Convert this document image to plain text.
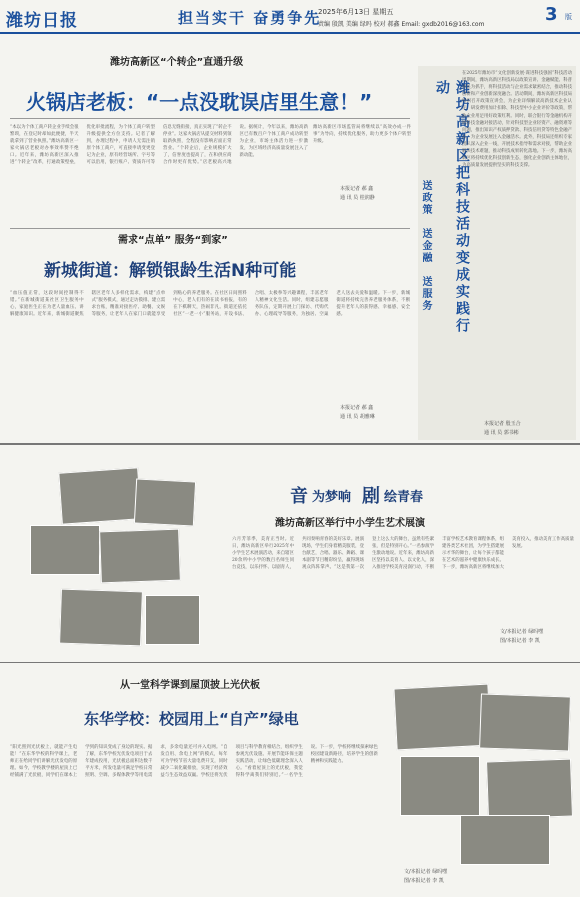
潍坊日报	担当实干 奋勇争先
2025年6月13日 星期五
责编 殷凯 美编 绿吗 校对 郝鑫 Email: gxdb2016@163.com	3 版
潍坊高新区“个转企”直通升级
火锅店老板：“一点没耽误店里生意！”
“本以为个体工商户转企业手续会很繁琐，在登记时却如此便捷，半天就拿到了营业执照。”潍坊高新区一家火锅店老板对办事效率赞不绝口。近年来，潍坊高新区深入推进“个转企”改革，打通政策壁垒，优化审批流程，为个体工商户转型升级提供全方位支持。记者了解到，办理过程中，申请人无需注销原个体工商户，可直接申请变更登记为企业，原有经营场所、字号等可以沿用，银行账户、资质许可等信息无缝衔接，真正实现了“转企不停业”。这家火锅店从提交材料到领取新执照，全程没有影响店面正常营业。“个转企后，企业规模扩大了，信誉度也提高了，在和供应商合作时更有优势。”店老板高兴地说。据统计，今年以来，潍坊高新区已有数百户个体工商户成功转型为企业，市场主体活力进一步激发，为区域经济高质量发展注入了新动能。
潍坊高新区市场监管局将继续以“高效办成一件事”为导向，持续优化服务，助力更多个体户转型升级。
本报记者 郝 鑫
通 讯 员 桂润静
需求“点单” 服务“到家”
新城街道：解锁银龄生活N种可能
“血压值正常，这段时间控制得不错。”在新城街道某社区卫生服务中心，家庭医生正在为老人量血压、讲解健康知识。近年来，新城街道聚焦辖区老年人多样化需求，构建“点单式”服务模式，通过走访摸排、建立需求台账，精准对接医疗、助餐、文娱等服务，让老年人在家门口就能享受到贴心的养老服务。在社区日间照料中心，老人们有的在读书看报，有的在下棋聊天，热闹非凡。街道还依托社区“一老一小”服务站，开设书法、合唱、太极拳等兴趣课程，丰富老年人精神文化生活。同时，组建志愿服务队伍，定期开展上门探访、代购代办、心理疏导等服务，为独居、空巢老人送去关爱和温暖。下一步，新城街道将持续完善养老服务体系，不断提升老年人的获得感、幸福感、安全感。
本报记者 郝 鑫
通 讯 员 胡雅琳
潍坊高新区把科技活动变成实践行动
送政策
送金融
送服务
在2025年潍坊市“文化创新发展·谋进科技强国”科技活动周期间，潍坊高新区科技局以政策宣讲、金融赋能、科普惠民为抓手，将科技活动与企业需求紧密结合，推动科技创新和产业创新深度融合。活动期间，潍坊高新区科技局组织召开政策宣讲会，为企业详细解读高新技术企业认定、研发费用加计扣除、科技型中小企业评价等政策，帮助企业用足用好政策红利。同时，联合银行等金融机构开展科技金融对接活动，针对科技型企业轻资产、融资难等问题，推出知识产权质押贷款、科技信用贷等特色金融产品，为企业发展注入金融活水。此外，科技局还组织专家团队深入企业一线，开展技术指导和需求对接，帮助企业解决技术难题，推动科技成果转化落地。下一步，潍坊高新区将持续优化科技创新生态，强化企业创新主体地位，为高质量发展提供坚实的科技支撑。
本报记者 殷玉合
通 讯 员 郭书彬
音 为梦响 剧 绘青春
潍坊高新区举行中小学生艺术展演
六月芳菲季，美育正当时。近日，潍坊高新区举行2025年中小学生艺术展演活动，来自辖区20余所中小学的数百名师生同台竞技，以乐抒怀、以剧育人，共同奏响青春的美好乐章。展演现场，学生们身着精美服装，登台献艺，合唱、器乐、舞蹈、课本剧等节目精彩纷呈，赢得现场观众阵阵掌声。“这是我第一次登上这么大的舞台，虽然有些紧张，但是特别开心。”一名参演学生激动地说。近年来，潍坊高新区坚持以美育人、以文化人，深入推进学校美育浸润行动，不断丰富学校艺术教育课程体系，组建各类艺术社团，为学生搭建展示才华的舞台，让每个孩子都能在艺术的滋养中健康快乐成长。下一步，潍坊高新区将继续加大美育投入，推动美育工作高质量发展。
文/本报记者 绿吗嘿
图/本报记者 李 凯
从一堂科学课到屋顶披上光伏板
东华学校：校园用上“自产”绿电
“阳光照到光伏板上，就能产生电能！”在东华学校的科学课上，老师正在给同学们讲解光伏发电的原理。如今，学校教学楼的屋顶上已经铺满了光伏板，同学们在课本上学到的知识变成了身边的现实。据了解，东华学校光伏发电项目于去年建成投用，光伏板总面积达数千平方米，所发电量可满足学校日常照明、空调、多媒体教学等用电需求，多余电量还可并入电网。“自发自用、余电上网”的模式，每年可为学校节省大量电费开支，同时减少二氧化碳排放，实现了经济效益与生态效益双赢。学校还将光伏项目与科学教育相结合，组织学生参观光伏设施、开展节能环保主题实践活动，让绿色低碳理念深入人心。“看着屋顶上的光伏板，我觉得科学离我们特别近。”一名学生说。下一步，学校将继续探索绿色校园建设新路径，培养学生的创新精神和实践能力。
文/本报记者 绿吗嘿
图/本报记者 李 凯
